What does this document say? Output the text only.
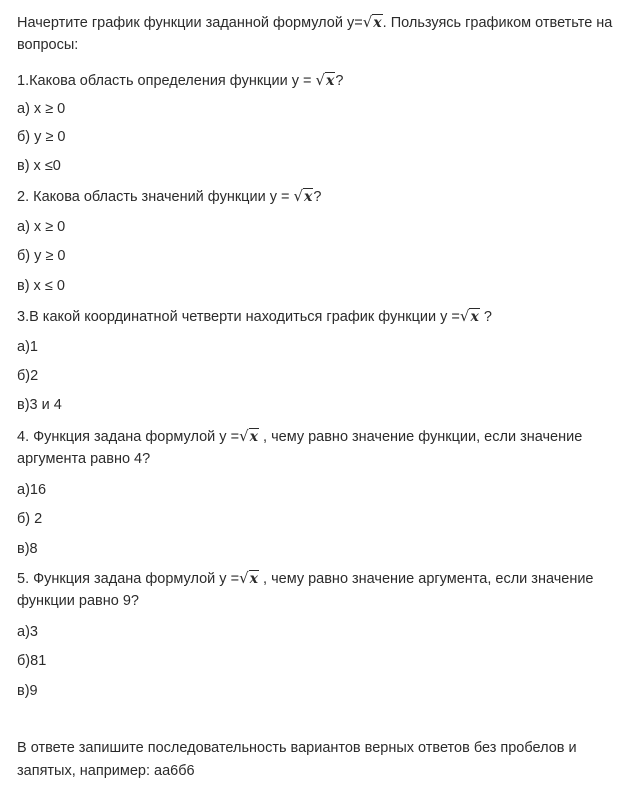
Начертите график функции заданной формулой y=√x. Пользуясь графиком ответьте на
вопросы:
1.Какова область определения функции y = √x?
а) x ≥ 0
б) y ≥ 0
в) x ≤0
2. Какова область значений функции y = √x?
а) x ≥ 0
б) y ≥ 0
в) x ≤ 0
3.В какой координатной четверти находиться график функции y =√x ?
а)1
б)2
в)3 и 4
4. Функция задана формулой y =√x , чему равно значение функции, если значение
аргумента равно 4?
а)16
б) 2
в)8
5. Функция задана формулой y =√x , чему равно значение аргумента, если значение
функции равно 9?
а)3
б)81
в)9
В ответе запишите последовательность вариантов верных ответов без пробелов и
запятых, например: аа6б6
